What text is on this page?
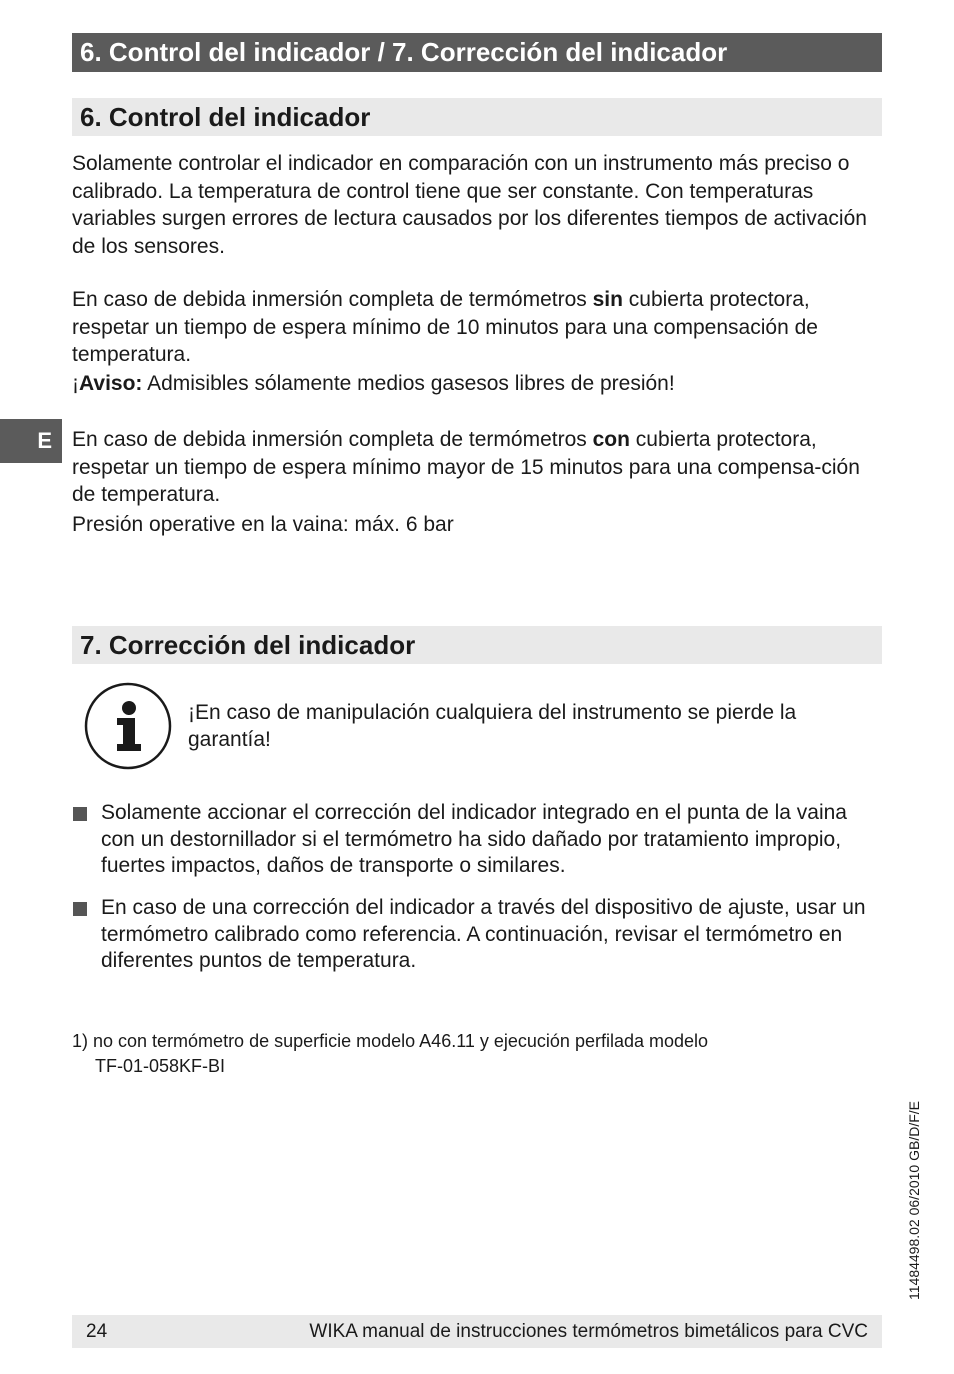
6. Control del indicador / 7. Corrección del indicador
6. Control del indicador

Solamente controlar el indicador en comparación con un instrumento más preciso o calibrado. La temperatura de control tiene que ser constante. Con temperaturas variables surgen errores de lectura causados por los diferentes tiempos de activación de los sensores.

En caso de debida inmersión completa de termómetros sin cubierta protectora, respetar un tiempo de espera mínimo de 10 minutos para una compensación de temperatura.

¡Aviso: Admisibles sólamente medios gasesos libres de presión!

E En caso de debida inmersión completa de termómetros con cubierta protectora, respetar un tiempo de espera mínimo mayor de 15 minutos para una compensa-ción de temperatura.

Presión operative en la vaina: máx. 6 bar

7. Corrección del indicador

¡En caso de manipulación cualquiera del instrumento se pierde la garantía!

Solamente accionar el corrección del indicador integrado en el punta de la vaina con un destornillador si el termómetro ha sido dañado por tratamiento impropio, fuertes impactos, daños de transporte o similares.

En caso de una corrección del indicador a través del dispositivo de ajuste, usar un termómetro calibrado como referencia. A continuación, revisar el termómetro en diferentes puntos de temperatura.

1) no con termómetro de superficie modelo A46.11 y ejecución perfilada modelo
TF-01-058KF-BI

11484498.02 06/2010 GB/D/F/E
24	WIKA manual de instrucciones termómetros bimetálicos para CVC
